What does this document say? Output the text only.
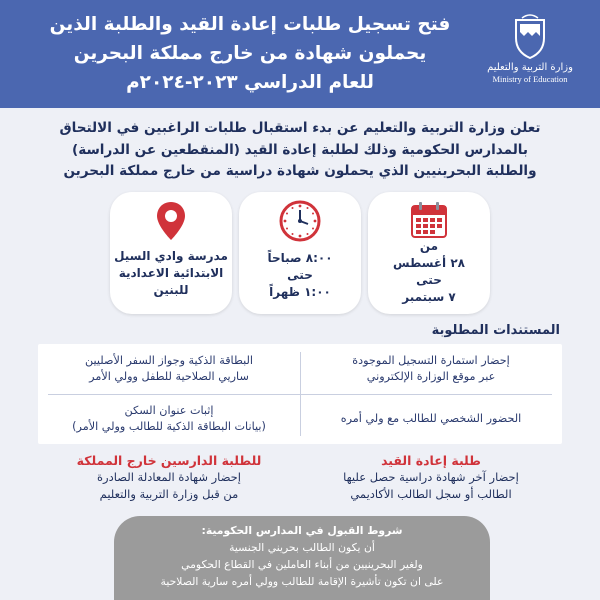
فتح تسجيل طلبات إعادة القيد والطلبة الذين
يحملون شهادة من خارج مملكة البحرين
للعام الدراسي ٢٠٢٣-٢٠٢٤م
وزارة التربية والتعليم
Ministry of Education
تعلن وزارة التربية والتعليم عن بدء استقبال طلبات الراغبين في الالتحاق
بالمدارس الحكومية وذلك لطلبة إعادة القيد (المنقطعين عن الدراسة)
والطلبة البحرينيين الذي يحملون شهادة دراسية من خارج مملكة البحرين
من
٢٨ أغسطس
حتى
٧ سبتمبر
٨:٠٠ صباحاً
حتى
١:٠٠ ظهراً
مدرسة وادي السيل
الابتدائية الاعدادية
للبنين
المستندات المطلوبة
إحضار استمارة التسجيل الموجودة
عبر موقع الوزارة الإلكتروني
البطاقة الذكية وجواز السفر الأصليين
ساريي الصلاحية للطفل وولي الأمر
الحضور الشخصي للطالب مع ولي أمره
إثبات عنوان السكن
(بيانات البطاقة الذكية للطالب وولي الأمر)
طلبة إعادة القيد
إحضار آخر شهادة دراسية حصل عليها
الطالب أو سجل الطالب الأكاديمي
للطلبة الدارسين خارج المملكة
إحضار شهادة المعادلة الصادرة
من قبل وزارة التربية والتعليم
شروط القبول في المدارس الحكومية:
أن يكون الطالب بحريني الجنسية
ولغير البحرينيين من أبناء العاملين في القطاع الحكومي
على ان تكون تأشيرة الإقامة للطالب وولي أمره سارية الصلاحية
